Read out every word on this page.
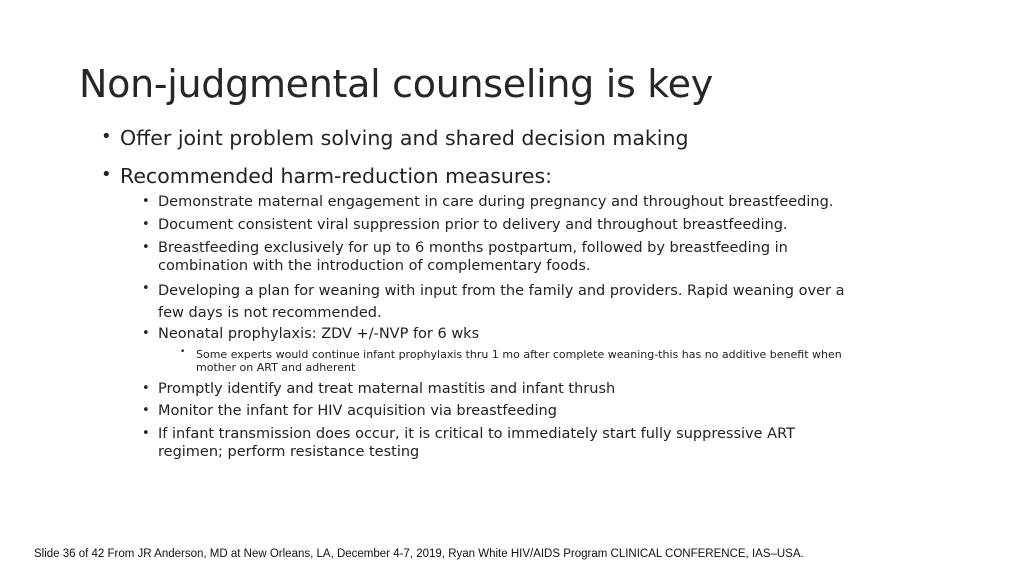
Non-judgmental counseling is key
• Offer joint problem solving and shared decision making
• Recommended harm-reduction measures:
• Demonstrate maternal engagement in care during pregnancy and throughout breastfeeding.
• Document consistent viral suppression prior to delivery and throughout breastfeeding.
• Breastfeeding exclusively for up to 6 months postpartum, followed by breastfeeding in combination with the introduction of complementary foods.
• Developing a plan for weaning with input from the family and providers. Rapid weaning over a few days is not recommended.
• Neonatal prophylaxis: ZDV +/-NVP for 6 wks
• Some experts would continue infant prophylaxis thru 1 mo after complete weaning-this has no additive benefit when mother on ART and adherent
• Promptly identify and treat maternal mastitis and infant thrush
• Monitor the infant for HIV acquisition via breastfeeding
• If infant transmission does occur, it is critical to immediately start fully suppressive ART regimen; perform resistance testing
Slide 36 of 42 From JR Anderson, MD at New Orleans, LA, December 4-7, 2019, Ryan White HIV/AIDS Program CLINICAL CONFERENCE, IAS–USA.
